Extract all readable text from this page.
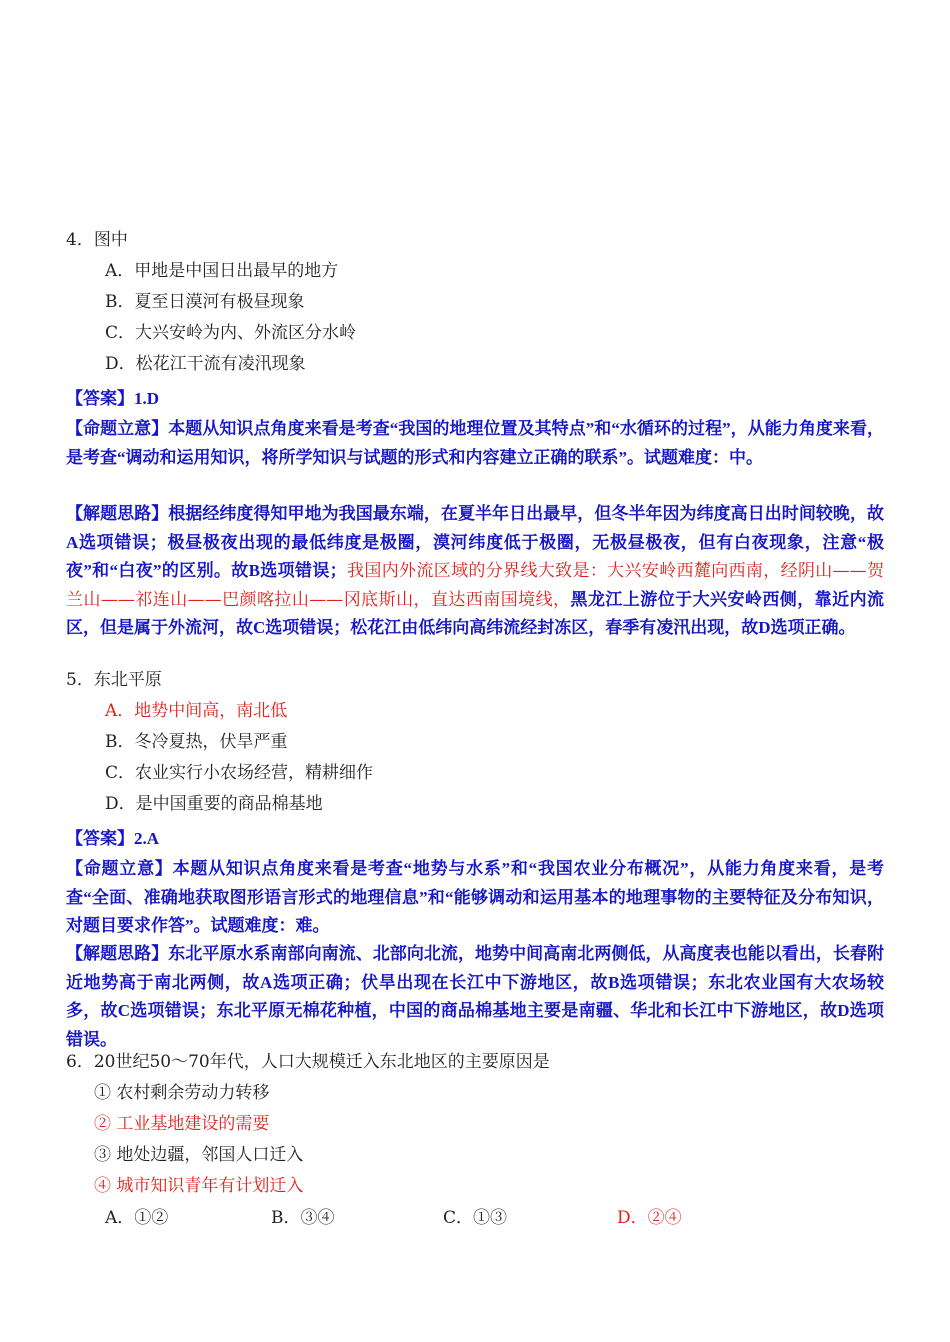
4．图中
A．甲地是中国日出最早的地方
B．夏至日漠河有极昼现象
C．大兴安岭为内、外流区分水岭
D．松花江干流有凌汛现象
【答案】1.D
【命题立意】本题从知识点角度来看是考查“我国的地理位置及其特点”和“水循环的过程”，从能力角度来看，是考查“调动和运用知识，将所学知识与试题的形式和内容建立正确的联系”。试题难度：中。
【解题思路】根据经纬度得知甲地为我国最东端，在夏半年日出最早，但冬半年因为纬度高日出时间较晚，故A选项错误；极昼极夜出现的最低纬度是极圈，漠河纬度低于极圈，无极昼极夜，但有白夜现象，注意“极夜”和“白夜”的区别。故B选项错误；我国内外流区域的分界线大致是：大兴安岭西麓向西南，经阴山——贺兰山——祁连山——巴颜喀拉山——冈底斯山，直达西南国境线，黑龙江上游位于大兴安岭西侧，靠近内流区，但是属于外流河，故C选项错误；松花江由低纬向高纬流经封冻区，春季有凌汛出现，故D选项正确。
5．东北平原
A．地势中间高，南北低
B．冬冷夏热，伏旱严重
C．农业实行小农场经营，精耕细作
D．是中国重要的商品棉基地
【答案】2.A
【命题立意】本题从知识点角度来看是考查“地势与水系”和“我国农业分布概况”，从能力角度来看，是考查“全面、准确地获取图形语言形式的地理信息”和“能够调动和运用基本的地理事物的主要特征及分布知识，对题目要求作答”。试题难度：难。
【解题思路】东北平原水系南部向南流、北部向北流，地势中间高南北两侧低，从高度表也能以看出，长春附近地势高于南北两侧，故A选项正确；伏旱出现在长江中下游地区，故B选项错误；东北农业国有大农场较多，故C选项错误；东北平原无棉花种植，中国的商品棉基地主要是南疆、华北和长江中下游地区，故D选项错误。
6．20世纪50～70年代，人口大规模迁入东北地区的主要原因是
① 农村剩余劳动力转移
② 工业基地建设的需要
③ 地处边疆，邻国人口迁入
④ 城市知识青年有计划迁入
A．①②	B．③④	C．①③	D．②④
